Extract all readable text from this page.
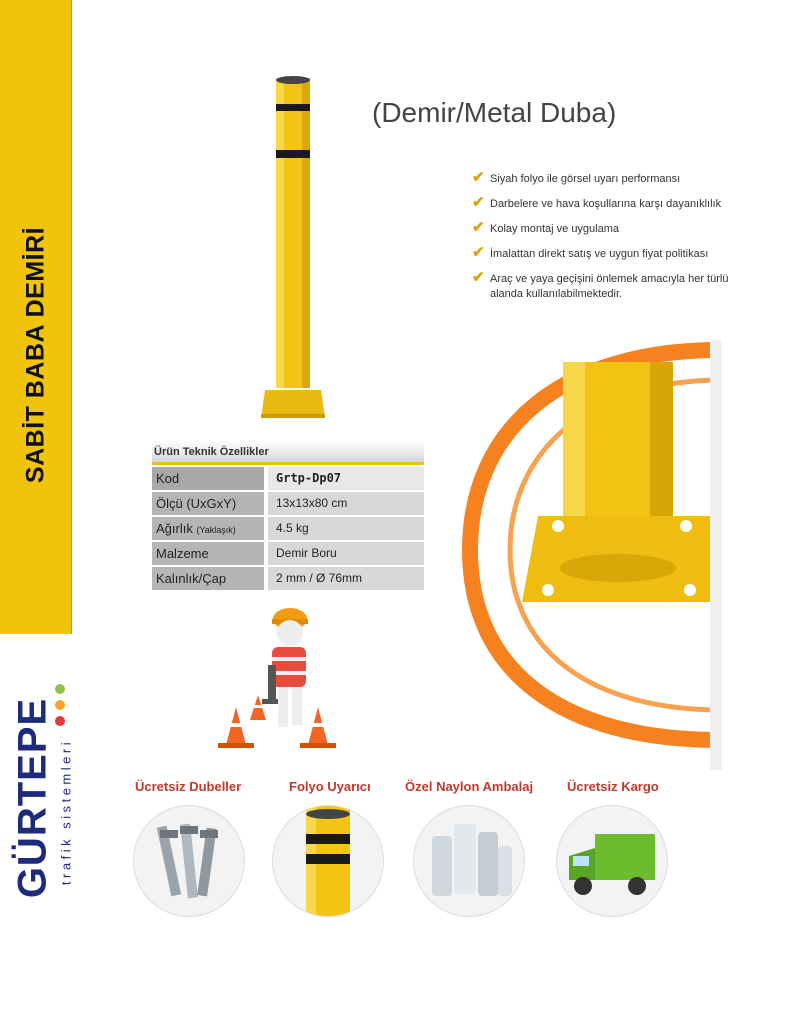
SABİT BABA DEMİRİ
GÜRTEPE trafik sistemleri
(Demir/Metal Duba)
✔ Siyah folyo ile görsel uyarı performansı
✔ Darbelere ve hava koşullarına karşı dayanıklılık
✔ Kolay montaj ve uygulama
✔ İmalattan direkt satış ve uygun fiyat politikası
✔ Araç ve yaya geçişini önlemek amacıyla her türlü alanda kullanılabilmektedir.
Ürün Teknik Özellikler
Kod	Grtp-Dp07
Ölçü (UxGxY)	13x13x80 cm
Ağırlık (Yaklaşık)	4.5 kg
Malzeme	Demir Boru
Kalınlık/Çap	2 mm / Ø 76mm
Ücretsiz Dubeller	Folyo Uyarıcı	Özel Naylon Ambalaj	Ücretsiz Kargo
